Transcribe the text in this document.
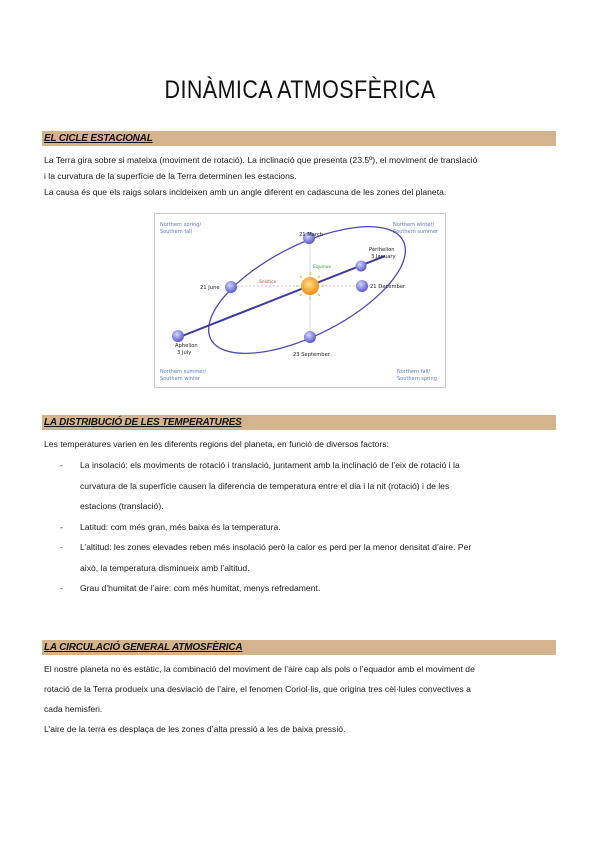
DINÀMICA ATMOSFÈRICA
EL CICLE ESTACIONAL

La Terra gira sobre si mateixa (moviment de rotació). La inclinació que presenta (23.5º), el moviment de translació

i la curvatura de la superfície de la Terra determinen les estacions.

La causa és que els raigs solars incideixen amb un angle diferent en cadascuna de les zones del planeta.

Equinox
Solstice
21 March
Perihelion
3 January
21 June	21 December
Aphelion
3 July	23 September
Northern spring/
Southern fall
Northern winter/
Southern summer
Northern summer/
Southern winter
Northern fall/
Southern spring
LA DISTRIBUCIÓ DE LES TEMPERATURES

Les temperatures varien en les diferents regions del planeta, en funció de diversos factors:

- La insolació: els moviments de rotació i translació, juntament amb la inclinació de l’eix de rotació i la
curvatura de la superfície causen la diferencia de temperatura entre el dia i la nit (rotació) i de les
estacions (translació).
- Latitud: com més gran, més baixa és la temperatura.
- L’altitud: les zones elevades reben més insolació però la calor es perd per la menor densitat d’aire. Per
això, la temperatura disminueix amb l’altitud.
- Grau d’humitat de l’aire: com més humitat, menys refredament.
LA CIRCULACIÓ GENERAL ATMOSFÈRICA

El nostre planeta no és estàtic, la combinació del moviment de l’aire cap als pols o l’equador amb el moviment de

rotació de la Terra produeix una desviació de l’aire, el fenomen Coriol·lis, que origina tres cèl·lules convectives a

cada hemisferi.

L’aire de la terra es desplaça de les zones d’alta pressió a les de baixa pressió.
